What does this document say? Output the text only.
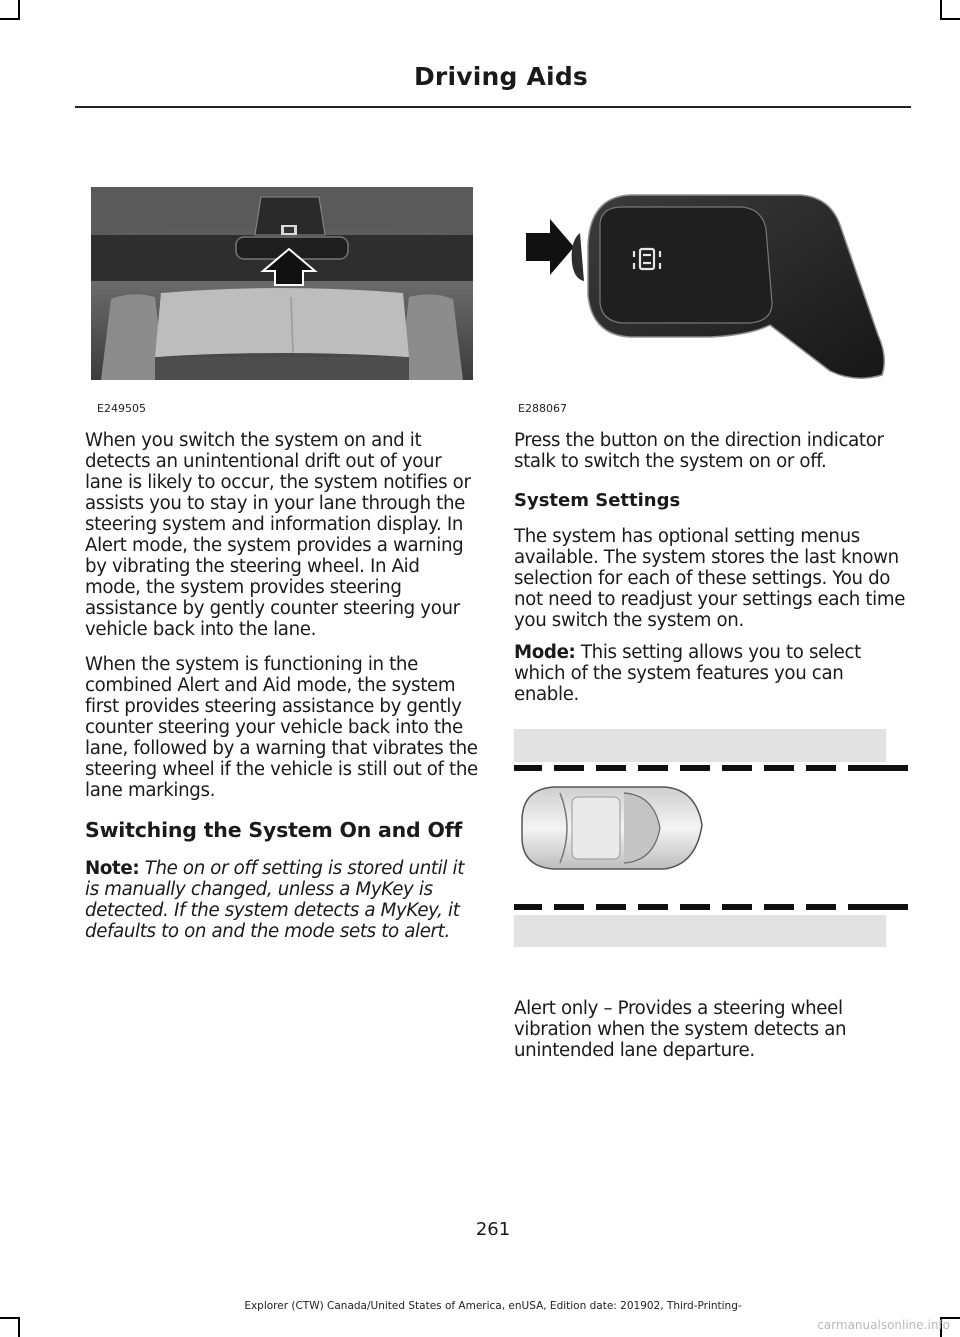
Driving Aids
E249505	E288067

When you switch the system on and it detects an unintentional drift out of your lane is likely to occur, the system notifies or assists you to stay in your lane through the steering system and information display. In Alert mode, the system provides a warning by vibrating the steering wheel. In Aid mode, the system provides steering assistance by gently counter steering your vehicle back into the lane.

When the system is functioning in the combined Alert and Aid mode, the system first provides steering assistance by gently counter steering your vehicle back into the lane, followed by a warning that vibrates the steering wheel if the vehicle is still out of the lane markings.

Switching the System On and Off

Note: The on or off setting is stored until it is manually changed, unless a MyKey is detected. If the system detects a MyKey, it defaults to on and the mode sets to alert.

Press the button on the direction indicator stalk to switch the system on or off.

System Settings

The system has optional setting menus available. The system stores the last known selection for each of these settings. You do not need to readjust your settings each time you switch the system on.

Mode: This setting allows you to select which of the system features you can enable.

Alert only – Provides a steering wheel vibration when the system detects an unintended lane departure.

261
Explorer (CTW) Canada/United States of America, enUSA, Edition date: 201902, Third-Printing-
carmanualsonline.info
